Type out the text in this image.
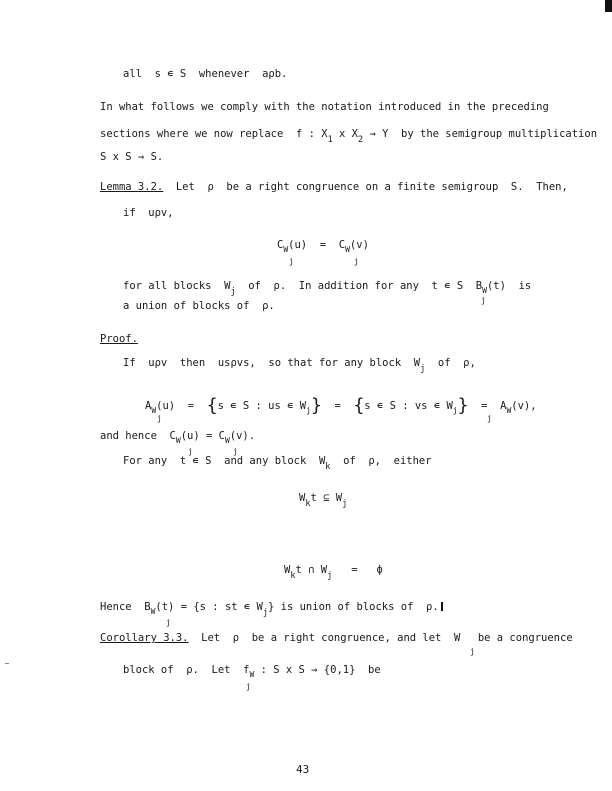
all  s ∊ S  whenever  aρb.
In what follows we comply with the notation introduced in the preceding
sections where we now replace  f : $X_1$ x $X_2 \to Y$  by the semigroup multiplication
S x S → S.
Lemma 3.2.  Let  ρ  be a right congruence on a finite semigroup  S.  Then,
if  uρv,
$C_W(u) = C_W(v)$
j	j
for all blocks  $W_j$  of  ρ.  In addition for any  t ∊ S  $B_W(t)$  is
j
a union of blocks of  ρ.
Proof.
If  uρv  then  usρvs,  so that for any block  $W_j$  of  ρ,
$A_W(u) = \{s$ ∊ S : us ∊ $W_j\} = \{s$ ∊ S : vs ∊ $W_j\} = A_W(v)$,
j	j
and hence  $C_W(u) = C_W(v)$.
j	j
For any  t ∊ S  and any block  $W_k$  of  ρ,  either
$W_kt$ ⊆ $W_j$
$W_kt$ ∩ $W_j = \phi$
Hence  $B_W(t) = \{s$ : st ∊ $W_j$} is union of blocks of  ρ.
j
Corollary 3.3.  Let  ρ  be a right congruence, and let  W  be a congruence
j
block of  ρ.  Let  $f_W$ : S x S → {0,1}  be
j
43
